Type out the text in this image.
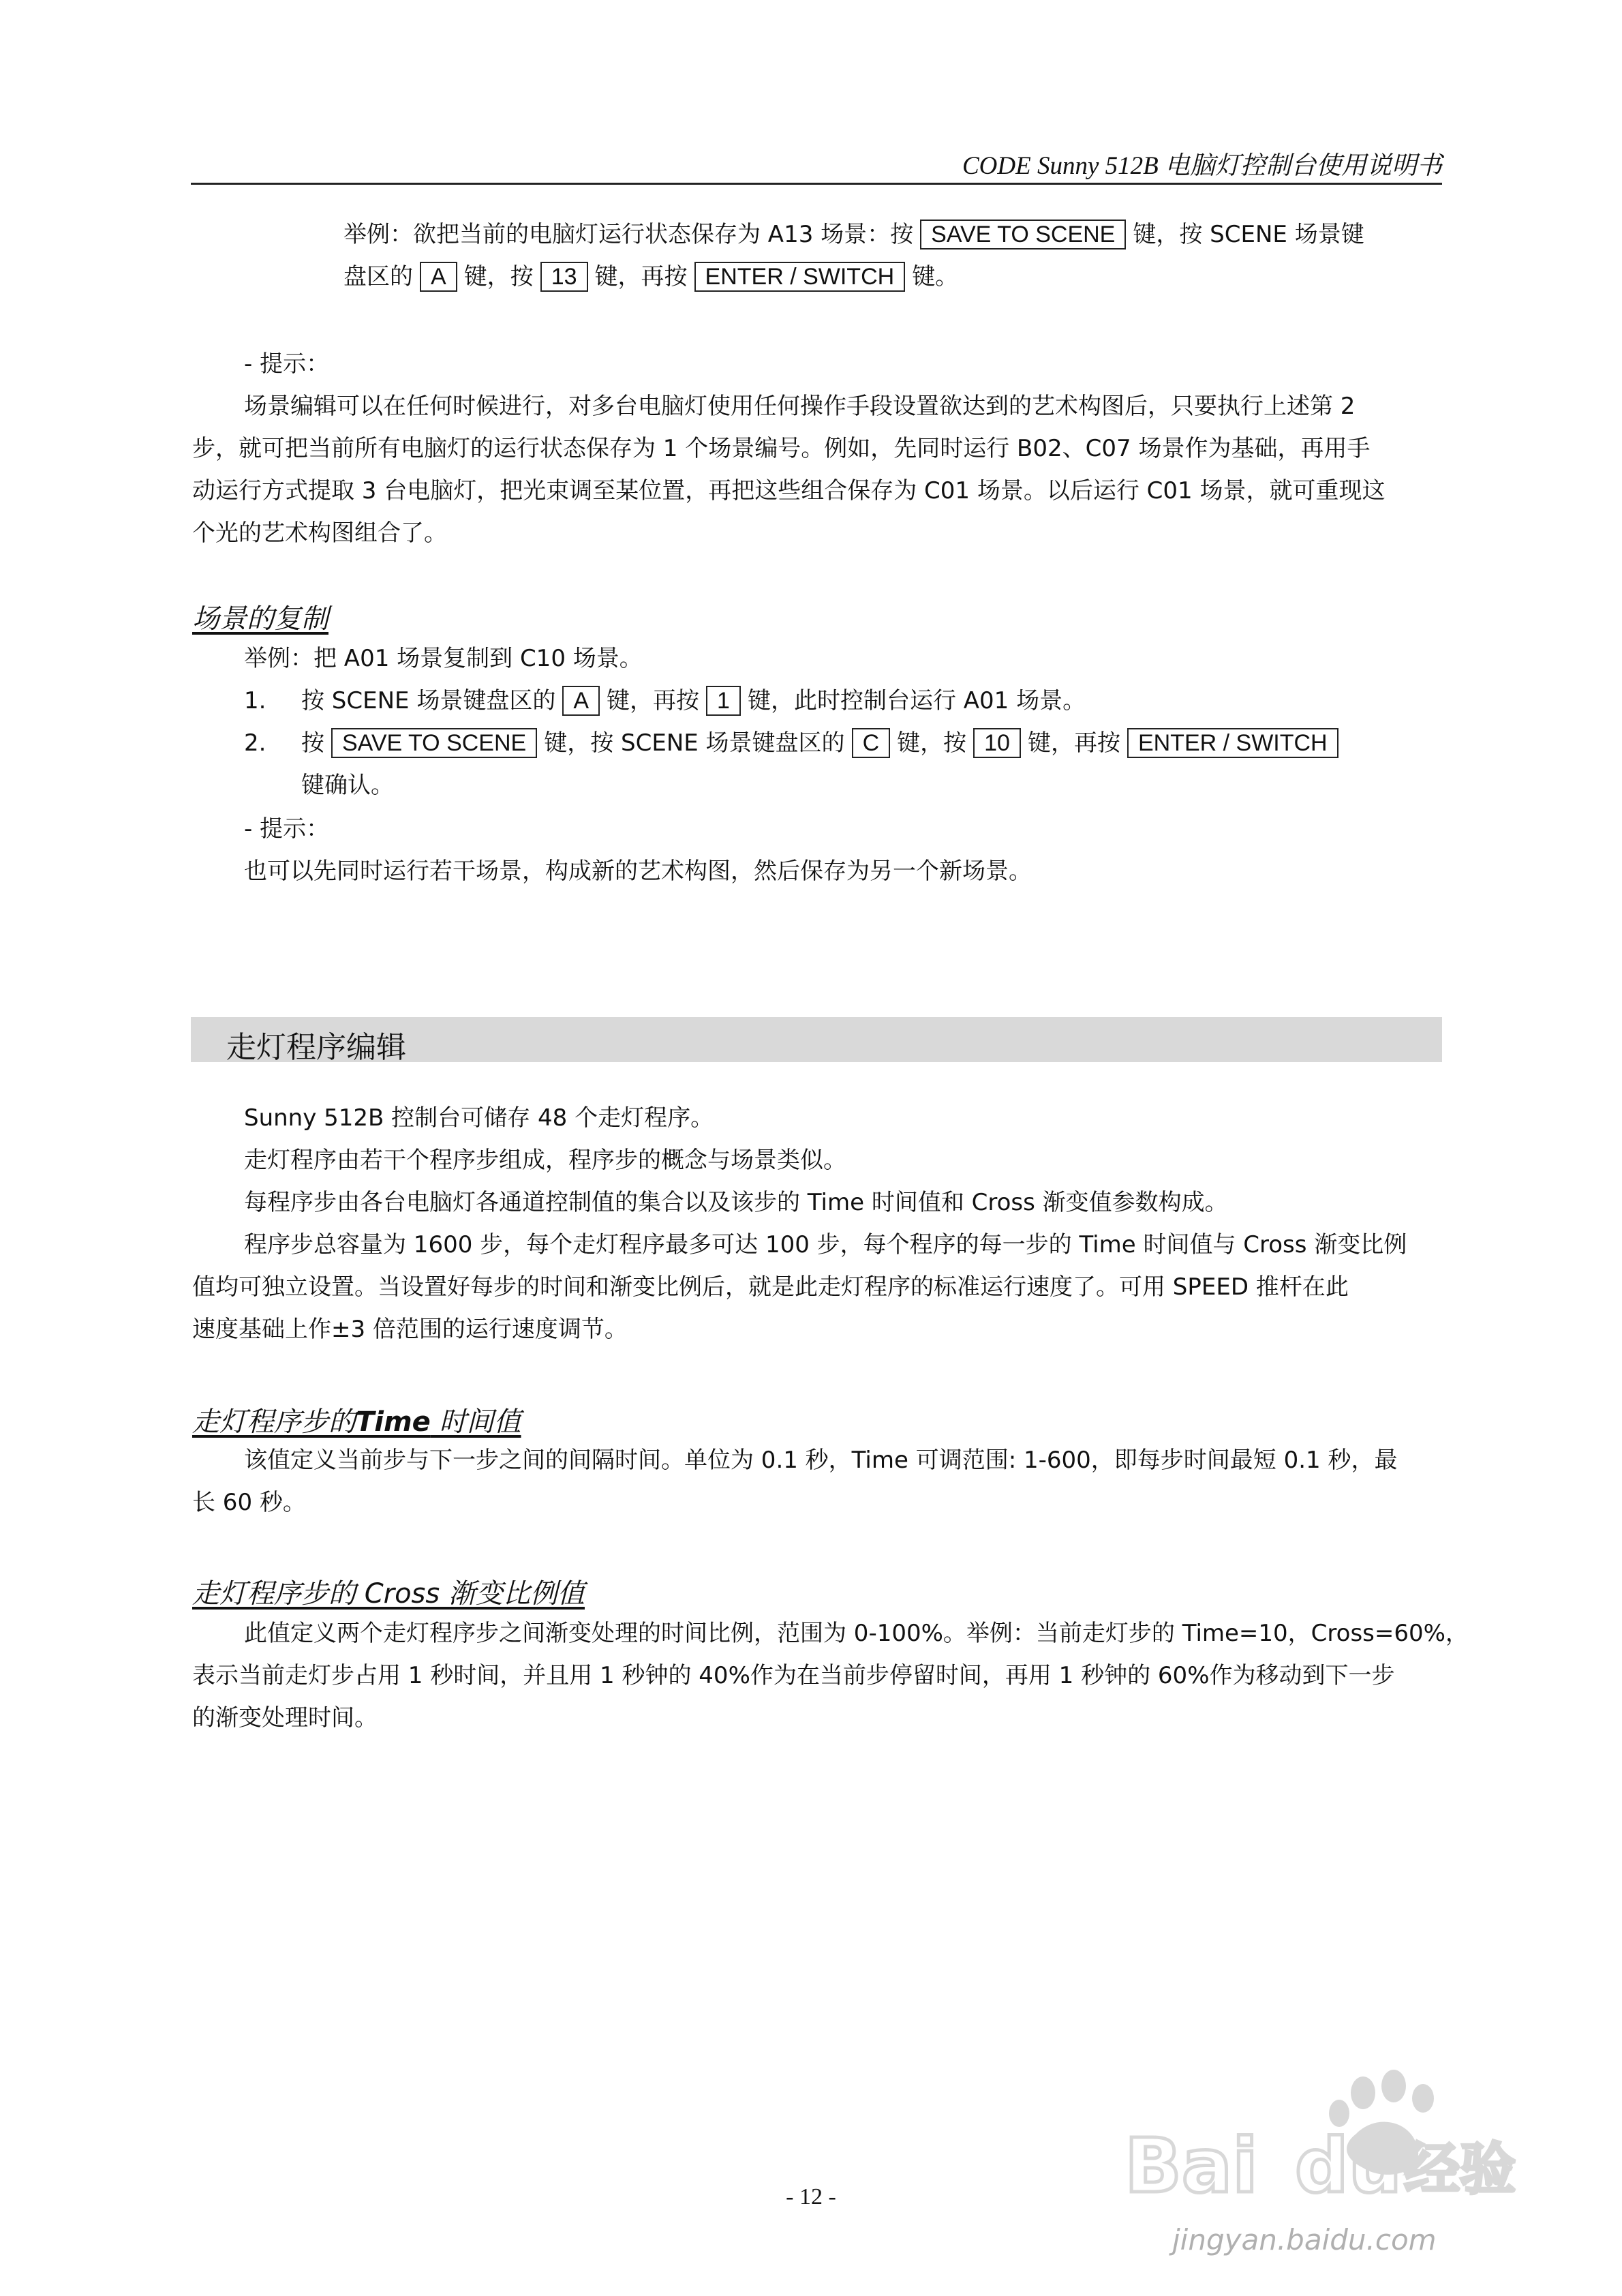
CODE Sunny 512B 电脑灯控制台使用说明书
举例：欲把当前的电脑灯运行状态保存为 A13 场景：按 SAVE TO SCENE 键，按 SCENE 场景键
盘区的 A 键，按 13 键，再按 ENTER / SWITCH 键。
- 提示：
场景编辑可以在任何时候进行，对多台电脑灯使用任何操作手段设置欲达到的艺术构图后，只要执行上述第 2
步，就可把当前所有电脑灯的运行状态保存为 1 个场景编号。例如，先同时运行 B02、C07 场景作为基础，再用手
动运行方式提取 3 台电脑灯，把光束调至某位置，再把这些组合保存为 C01 场景。以后运行 C01 场景，就可重现这
个光的艺术构图组合了。
场景的复制
举例：把 A01 场景复制到 C10 场景。
1. 按 SCENE 场景键盘区的 A 键，再按 1 键，此时控制台运行 A01 场景。
2. 按 SAVE TO SCENE 键，按 SCENE 场景键盘区的 C 键，按 10 键，再按 ENTER / SWITCH
键确认。
- 提示：
也可以先同时运行若干场景，构成新的艺术构图，然后保存为另一个新场景。
走灯程序编辑
Sunny 512B 控制台可储存 48 个走灯程序。
走灯程序由若干个程序步组成，程序步的概念与场景类似。
每程序步由各台电脑灯各通道控制值的集合以及该步的 Time 时间值和 Cross 渐变值参数构成。
程序步总容量为 1600 步，每个走灯程序最多可达 100 步，每个程序的每一步的 Time 时间值与 Cross 渐变比例
值均可独立设置。当设置好每步的时间和渐变比例后，就是此走灯程序的标准运行速度了。可用 SPEED 推杆在此
速度基础上作±3 倍范围的运行速度调节。
走灯程序步的Time 时间值
该值定义当前步与下一步之间的间隔时间。单位为 0.1 秒，Time 可调范围: 1-600，即每步时间最短 0.1 秒，最
长 60 秒。
走灯程序步的 Cross 渐变比例值
此值定义两个走灯程序步之间渐变处理的时间比例，范围为 0-100%。举例：当前走灯步的 Time=10，Cross=60%，
表示当前走灯步占用 1 秒时间，并且用 1 秒钟的 40%作为在当前步停留时间，再用 1 秒钟的 60%作为移动到下一步
的渐变处理时间。
- 12 -	Bai du 经验
jingyan.baidu.com
